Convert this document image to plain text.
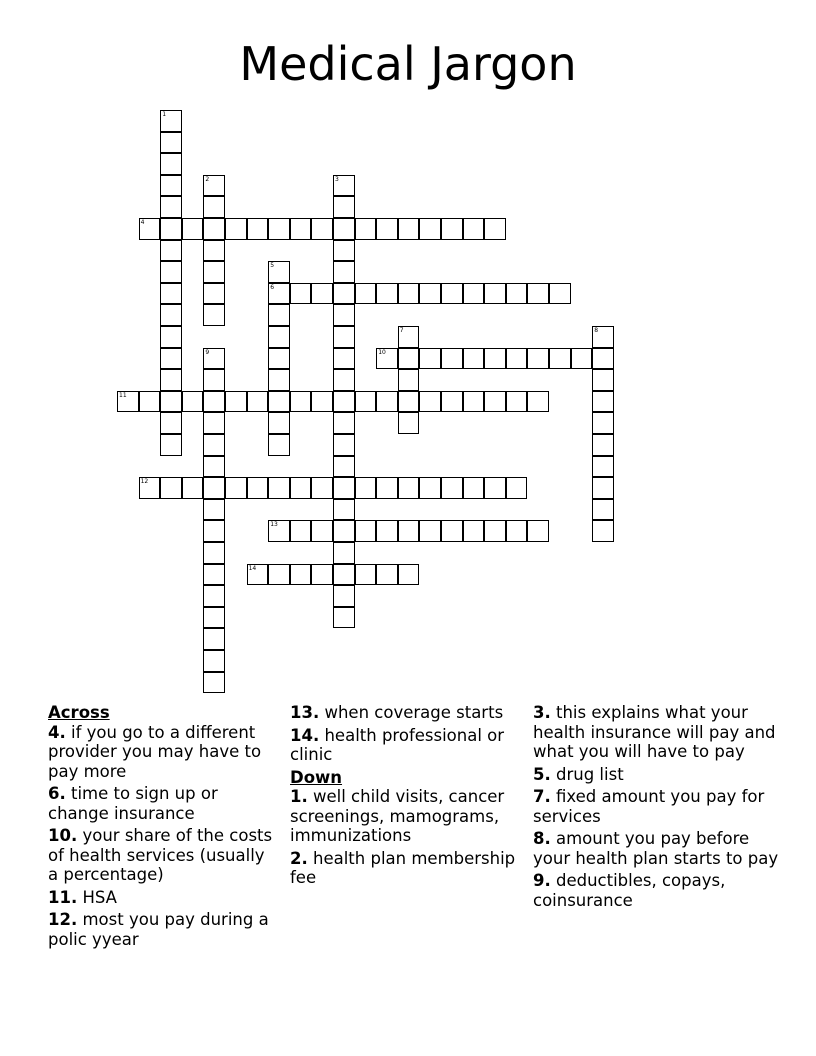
Medical Jargon
1
2	3
4
5
6
7	8
9	10
11
12
13
14
Across
4. if you go to a different provider you may have to pay more
6. time to sign up or change insurance
10. your share of the costs of health services (usually a percentage)
11. HSA
12. most you pay during a polic yyear
13. when coverage starts
14. health professional or clinic
Down
1. well child visits, cancer screenings, mamograms, immunizations
2. health plan membership fee
3. this explains what your health insurance will pay and what you will have to pay
5. drug list
7. fixed amount you pay for services
8. amount you pay before your health plan starts to pay
9. deductibles, copays, coinsurance
